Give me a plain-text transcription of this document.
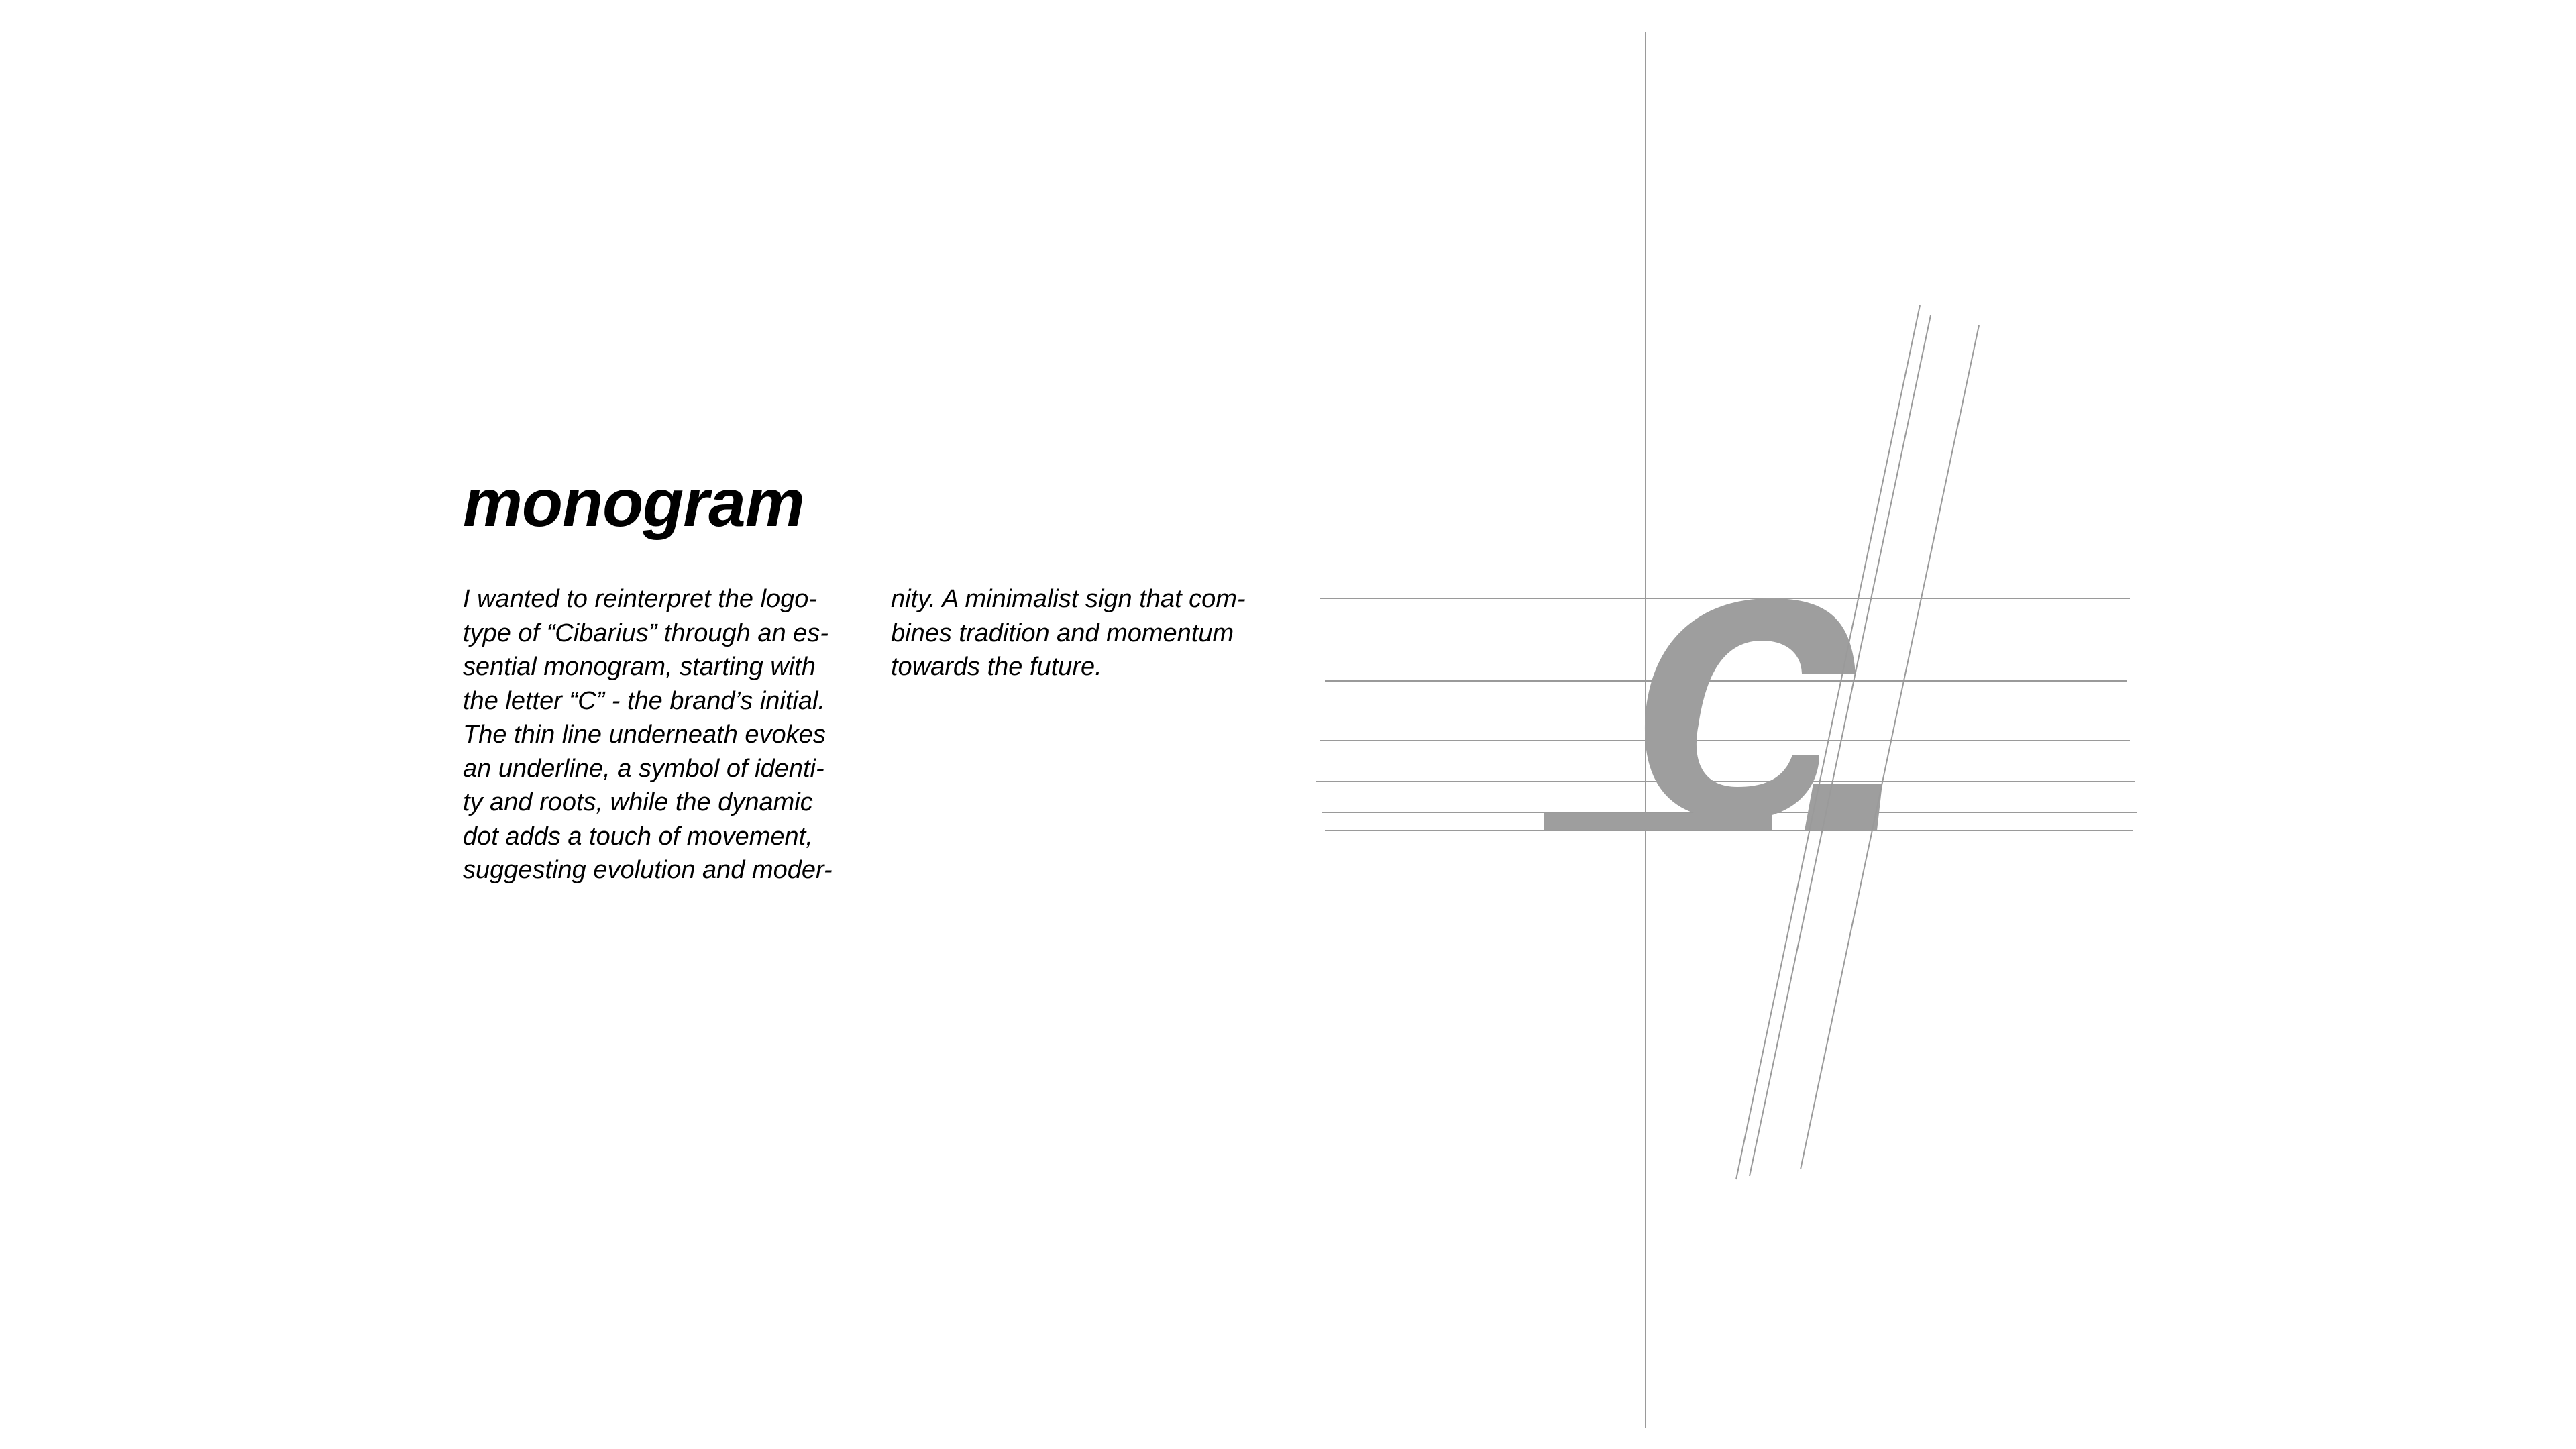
monogram
I wanted to reinterpret the logo-
type of “Cibarius” through an es-
sential monogram, starting with
the letter “C” - the brand’s initial.
The thin line underneath evokes
an underline, a symbol of identi-
ty and roots, while the dynamic
dot adds a touch of movement,
suggesting evolution and moder-
nity. A minimalist sign that com-
bines tradition and momentum
towards the future.
